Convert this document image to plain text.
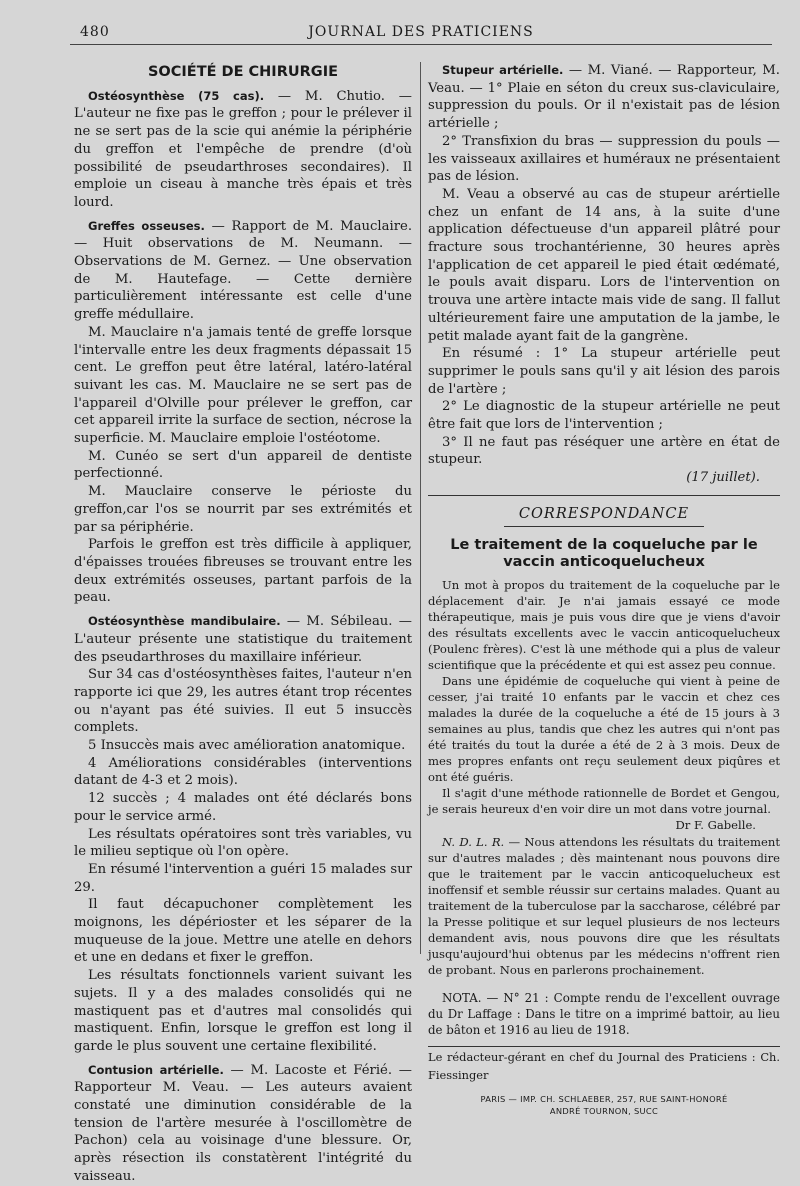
480	JOURNAL DES PRATICIENS
SOCIÉTÉ DE CHIRURGIE

Ostéosynthèse (75 cas). — M. Chutio. — L'auteur ne fixe pas le greffon ; pour le prélever il ne se sert pas de la scie qui anémie la périphérie du greffon et l'empêche de prendre (d'où possibilité de pseudarthroses secondaires). Il emploie un ciseau à manche très épais et très lourd.

Greffes osseuses. — Rapport de M. Mauclaire. — Huit observations de M. Neumann. — Observations de M. Gernez. — Une observation de M. Hautefage. — Cette dernière particulièrement intéressante est celle d'une greffe médullaire.

M. Mauclaire n'a jamais tenté de greffe lorsque l'intervalle entre les deux fragments dépassait 15 cent. Le greffon peut être latéral, latéro-latéral suivant les cas. M. Mauclaire ne se sert pas de l'appareil d'Olville pour prélever le greffon, car cet appareil irrite la surface de section, nécrose la superficie. M. Mauclaire emploie l'ostéotome.

M. Cunéo se sert d'un appareil de dentiste perfectionné.

M. Mauclaire conserve le périoste du greffon,car l'os se nourrit par ses extrémités et par sa périphérie.

Parfois le greffon est très difficile à appliquer, d'épaisses trouées fibreuses se trouvant entre les deux extrémités osseuses, partant parfois de la peau.

Ostéosynthèse mandibulaire. — M. Sébileau. — L'auteur présente une statistique du traitement des pseudarthroses du maxillaire inférieur.

Sur 34 cas d'ostéosynthèses faites, l'auteur n'en rapporte ici que 29, les autres étant trop récentes ou n'ayant pas été suivies. Il eut 5 insuccès complets.

5 Insuccès mais avec amélioration anatomique.

4 Améliorations considérables (interventions datant de 4-3 et 2 mois).

12 succès ; 4 malades ont été déclarés bons pour le service armé.

Les résultats opératoires sont très variables, vu le milieu septique où l'on opère.

En résumé l'intervention a guéri 15 malades sur 29.

Il faut décapuchoner complètement les moignons, les dépérioster et les séparer de la muqueuse de la joue. Mettre une atelle en dehors et une en dedans et fixer le greffon.

Les résultats fonctionnels varient suivant les sujets. Il y a des malades consolidés qui ne mastiquent pas et d'autres mal consolidés qui mastiquent. Enfin, lorsque le greffon est long il garde le plus souvent une certaine flexibilité.

Contusion artérielle. — M. Lacoste et Férié. — Rapporteur M. Veau. — Les auteurs avaient constaté une diminution considérable de la tension de l'artère mesurée à l'oscillomètre de Pachon) cela au voisinage d'une blessure. Or, après résection ils constatèrent l'intégrité du vaisseau.

Stupeur artérielle. — M. Viané. — Rapporteur, M. Veau. — 1° Plaie en séton du creux sus-claviculaire, suppression du pouls. Or il n'existait pas de lésion artérielle ;

2° Transfixion du bras — suppression du pouls — les vaisseaux axillaires et huméraux ne présentaient pas de lésion.

M. Veau a observé au cas de stupeur arértielle chez un enfant de 14 ans, à la suite d'une application défectueuse d'un appareil plâtré pour fracture sous trochantérienne, 30 heures après l'application de cet appareil le pied était œdématé, le pouls avait disparu. Lors de l'intervention on trouva une artère intacte mais vide de sang. Il fallut ultérieurement faire une amputation de la jambe, le petit malade ayant fait de la gangrène.

En résumé : 1° La stupeur artérielle peut supprimer le pouls sans qu'il y ait lésion des parois de l'artère ;

2° Le diagnostic de la stupeur artérielle ne peut être fait que lors de l'intervention ;

3° Il ne faut pas réséquer une artère en état de stupeur.

(17 juillet).

CORRESPONDANCE
Le traitement de la coqueluche par le vaccin anticoquelucheux

Un mot à propos du traitement de la coqueluche par le déplacement d'air. Je n'ai jamais essayé ce mode thérapeutique, mais je puis vous dire que je viens d'avoir des résultats excellents avec le vaccin anticoquelucheux (Poulenc frères). C'est là une méthode qui a plus de valeur scientifique que la précédente et qui est assez peu connue.

Dans une épidémie de coqueluche qui vient à peine de cesser, j'ai traité 10 enfants par le vaccin et chez ces malades la durée de la coqueluche a été de 15 jours à 3 semaines au plus, tandis que chez les autres qui n'ont pas été traités du tout la durée a été de 2 à 3 mois. Deux de mes propres enfants ont reçu seulement deux piqûres et ont été guéris.

Il s'agit d'une méthode rationnelle de Bordet et Gengou, je serais heureux d'en voir dire un mot dans votre journal.

Dr F. Gabelle.

N. D. L. R. — Nous attendons les résultats du traitement sur d'autres malades ; dès maintenant nous pouvons dire que le traitement par le vaccin anticoquelucheux est inoffensif et semble réussir sur certains malades. Quant au traitement de la tuberculose par la saccharose, célébré par la Presse politique et sur lequel plusieurs de nos lecteurs demandent avis, nous pouvons dire que les résultats jusqu'aujourd'hui obtenus par les médecins n'offrent rien de probant. Nous en parlerons prochainement.

NOTA. — N° 21 : Compte rendu de l'excellent ouvrage du Dr Laffage : Dans le titre on a imprimé battoir, au lieu de bâton et 1916 au lieu de 1918.

Le rédacteur-gérant en chef du Journal des Praticiens : Ch. Fiessinger

PARIS — IMP. CH. SCHLAEBER, 257, RUE SAINT-HONORÉ
ANDRÉ TOURNON, SUCC
